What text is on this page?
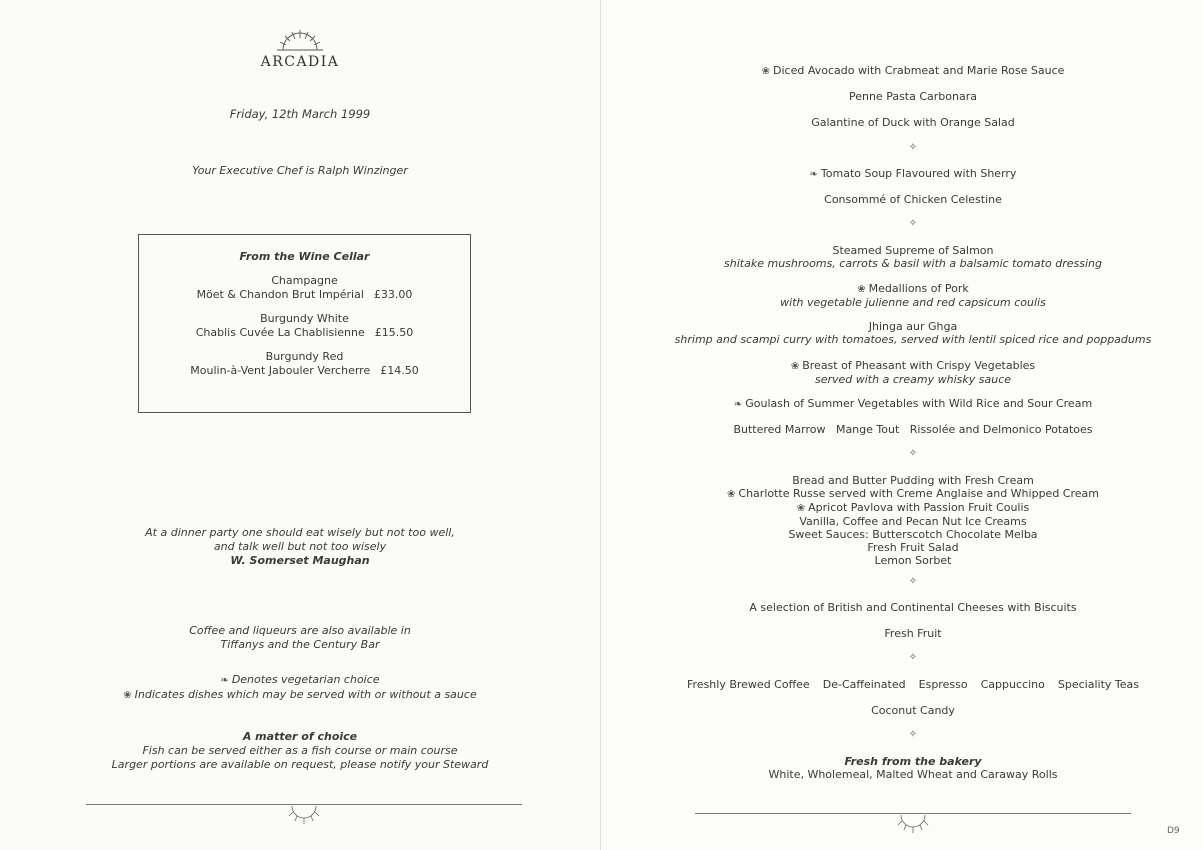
ARCADIA
Friday, 12th March 1999
Your Executive Chef is Ralph Winzinger
From the Wine Cellar
Champagne
Möet & Chandon Brut Impérial £33.00
Burgundy White
Chablis Cuvée La Chablisienne £15.50
Burgundy Red
Moulin-à-Vent Jabouler Vercherre £14.50
At a dinner party one should eat wisely but not too well,
and talk well but not too wisely
W. Somerset Maughan
Coffee and liqueurs are also available in
Tiffanys and the Century Bar
❧ Denotes vegetarian choice
❀ Indicates dishes which may be served with or without a sauce
A matter of choice
Fish can be served either as a fish course or main course
Larger portions are available on request, please notify your Steward
❀ Diced Avocado with Crabmeat and Marie Rose Sauce
Penne Pasta Carbonara
Galantine of Duck with Orange Salad
✧
❧ Tomato Soup Flavoured with Sherry
Consommé of Chicken Celestine
✧
Steamed Supreme of Salmon
shitake mushrooms, carrots & basil with a balsamic tomato dressing
❀ Medallions of Pork
with vegetable julienne and red capsicum coulis
Jhinga aur Ghga
shrimp and scampi curry with tomatoes, served with lentil spiced rice and poppadums
❀ Breast of Pheasant with Crispy Vegetables
served with a creamy whisky sauce
❧ Goulash of Summer Vegetables with Wild Rice and Sour Cream
Buttered Marrow   Mange Tout   Rissolée and Delmonico Potatoes
✧
Bread and Butter Pudding with Fresh Cream
❀ Charlotte Russe served with Creme Anglaise and Whipped Cream
❀ Apricot Pavlova with Passion Fruit Coulis
Vanilla, Coffee and Pecan Nut Ice Creams
Sweet Sauces: Butterscotch Chocolate Melba
Fresh Fruit Salad
Lemon Sorbet
✧
A selection of British and Continental Cheeses with Biscuits
Fresh Fruit
✧
Freshly Brewed Coffee De-Caffeinated Espresso Cappuccino Speciality Teas
Coconut Candy
✧
Fresh from the bakery
White, Wholemeal, Malted Wheat and Caraway Rolls
D9
